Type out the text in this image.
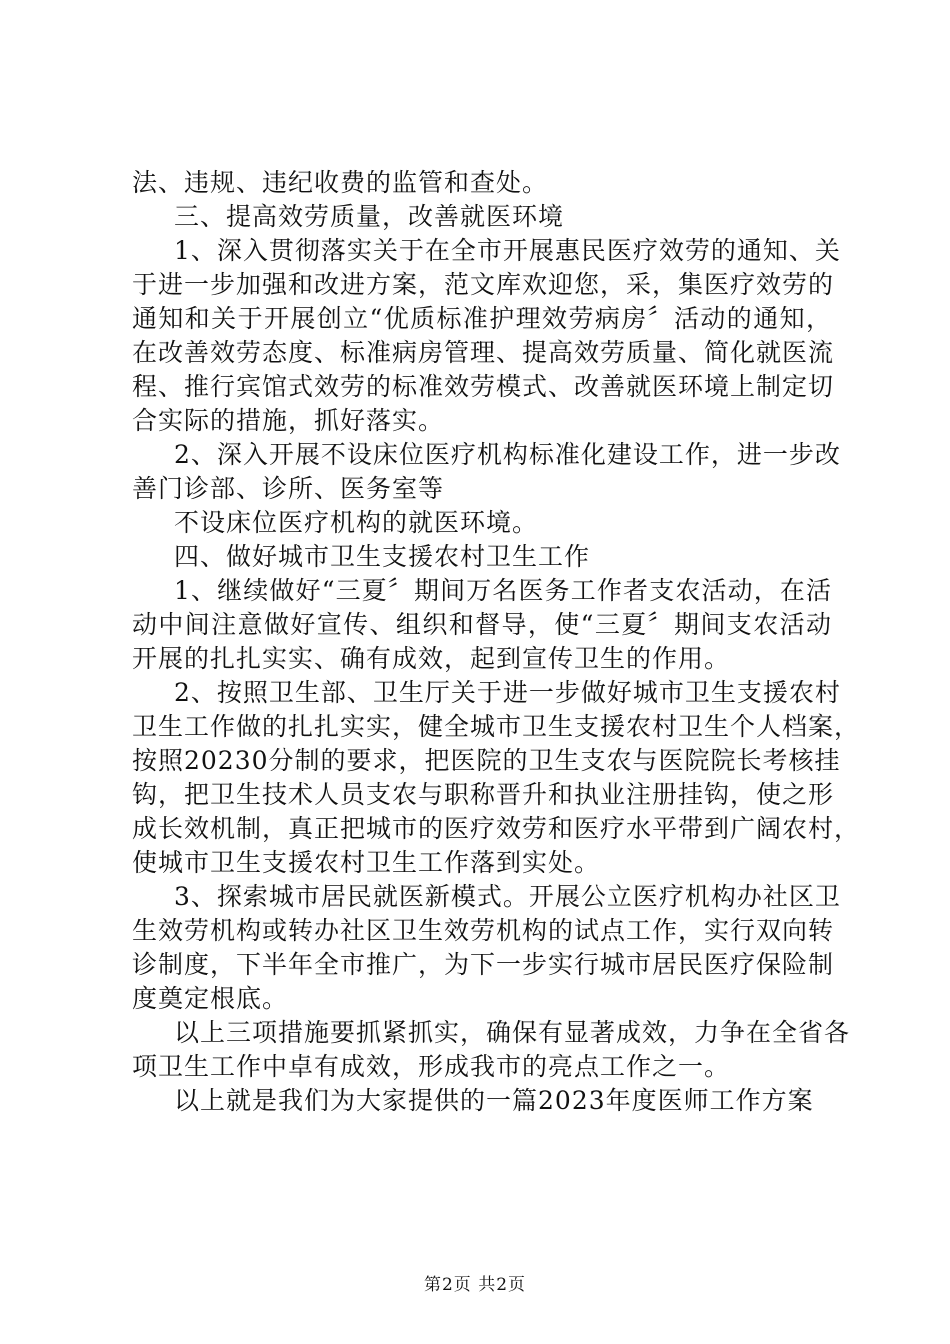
法、违规、违纪收费的监管和查处。
三、提高效劳质量，改善就医环境
1、深入贯彻落实关于在全市开展惠民医疗效劳的通知、关
于进一步加强和改进方案，范文库欢迎您，采，集医疗效劳的
通知和关于开展创立“优质标准护理效劳病房〞活动的通知，
在改善效劳态度、标准病房管理、提高效劳质量、简化就医流
程、推行宾馆式效劳的标准效劳模式、改善就医环境上制定切
合实际的措施，抓好落实。
2、深入开展不设床位医疗机构标准化建设工作，进一步改
善门诊部、诊所、医务室等
不设床位医疗机构的就医环境。
四、做好城市卫生支援农村卫生工作
1、继续做好“三夏〞期间万名医务工作者支农活动，在活
动中间注意做好宣传、组织和督导，使“三夏〞期间支农活动
开展的扎扎实实、确有成效，起到宣传卫生的作用。
2、按照卫生部、卫生厅关于进一步做好城市卫生支援农村
卫生工作做的扎扎实实，健全城市卫生支援农村卫生个人档案，
按照20230分制的要求，把医院的卫生支农与医院院长考核挂
钩，把卫生技术人员支农与职称晋升和执业注册挂钩，使之形
成长效机制，真正把城市的医疗效劳和医疗水平带到广阔农村，
使城市卫生支援农村卫生工作落到实处。
3、探索城市居民就医新模式。开展公立医疗机构办社区卫
生效劳机构或转办社区卫生效劳机构的试点工作，实行双向转
诊制度，下半年全市推广，为下一步实行城市居民医疗保险制
度奠定根底。
以上三项措施要抓紧抓实，确保有显著成效，力争在全省各
项卫生工作中卓有成效，形成我市的亮点工作之一。
以上就是我们为大家提供的一篇2023年度医师工作方案
第2页 共2页
